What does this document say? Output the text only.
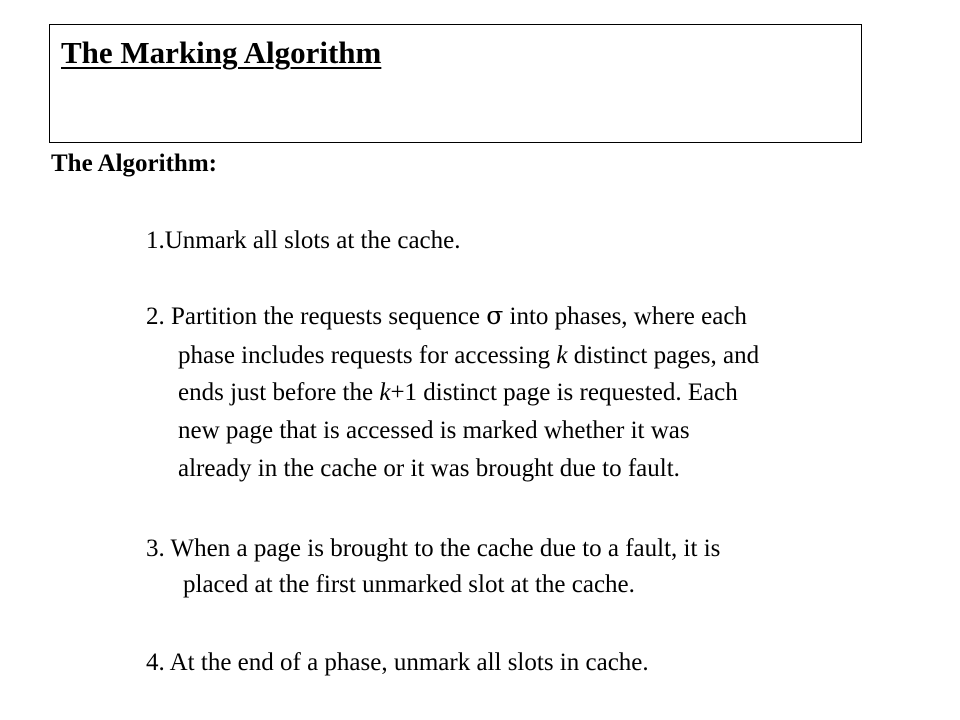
The Marking Algorithm
The Algorithm:
1.Unmark all slots at the cache.
2. Partition the requests sequence σ into phases, where each
phase includes requests for accessing k distinct pages, and
ends just before the k+1 distinct page is requested. Each
new page that is accessed is marked whether it was
already in the cache or it was brought due to fault.
3. When a page is brought to the cache due to a fault, it is
placed at the first unmarked slot at the cache.
4. At the end of a phase, unmark all slots in cache.
